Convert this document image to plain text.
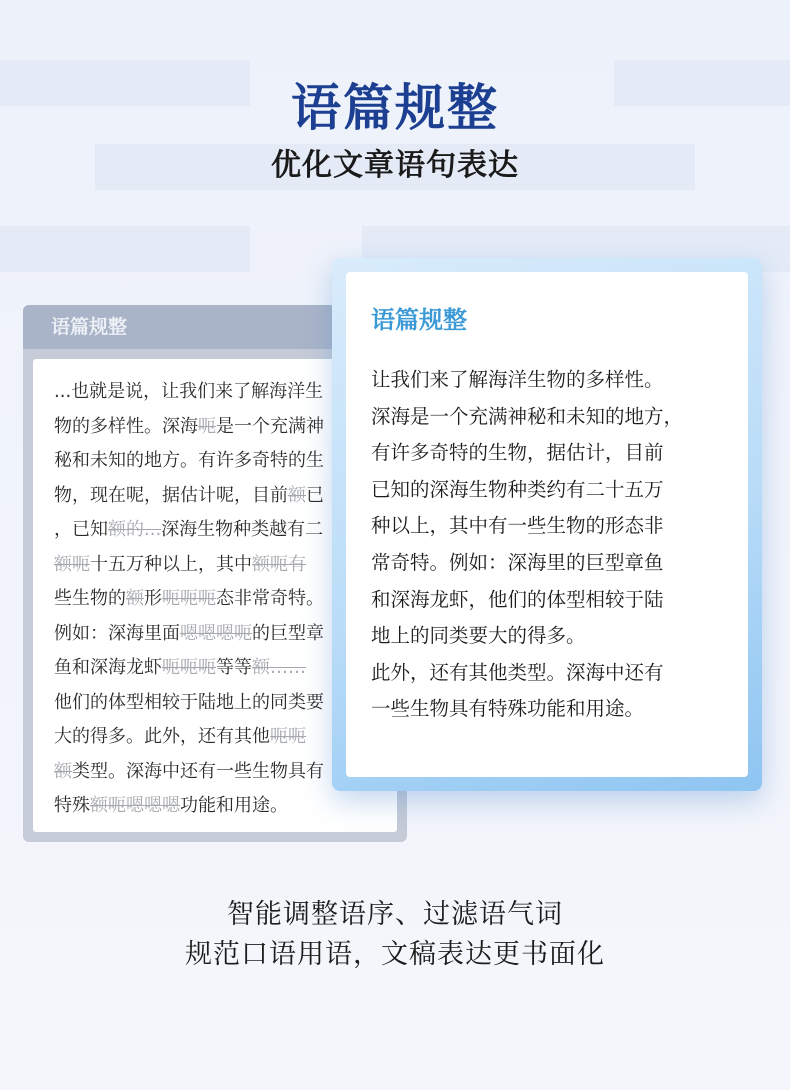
语篇规整
优化文章语句表达
语篇规整
...也就是说，让我们来了解海洋生
物的多样性。深海呃是一个充满神
秘和未知的地方。有许多奇特的生
物，现在呢，据估计呢，目前额已
，已知额的...深海生物种类越有二
额呃十五万种以上，其中额呃有
些生物的额形呃呃呃态非常奇特。
例如：深海里面嗯嗯嗯呃的巨型章
鱼和深海龙虾呃呃呃等等额……
他们的体型相较于陆地上的同类要
大的得多。此外，还有其他呃呃
额类型。深海中还有一些生物具有
特殊额呃嗯嗯嗯功能和用途。
语篇规整
让我们来了解海洋生物的多样性。
深海是一个充满神秘和未知的地方，
有许多奇特的生物，据估计，目前
已知的深海生物种类约有二十五万
种以上，其中有一些生物的形态非
常奇特。例如：深海里的巨型章鱼
和深海龙虾，他们的体型相较于陆
地上的同类要大的得多。
此外，还有其他类型。深海中还有
一些生物具有特殊功能和用途。
智能调整语序、过滤语气词
规范口语用语，文稿表达更书面化
